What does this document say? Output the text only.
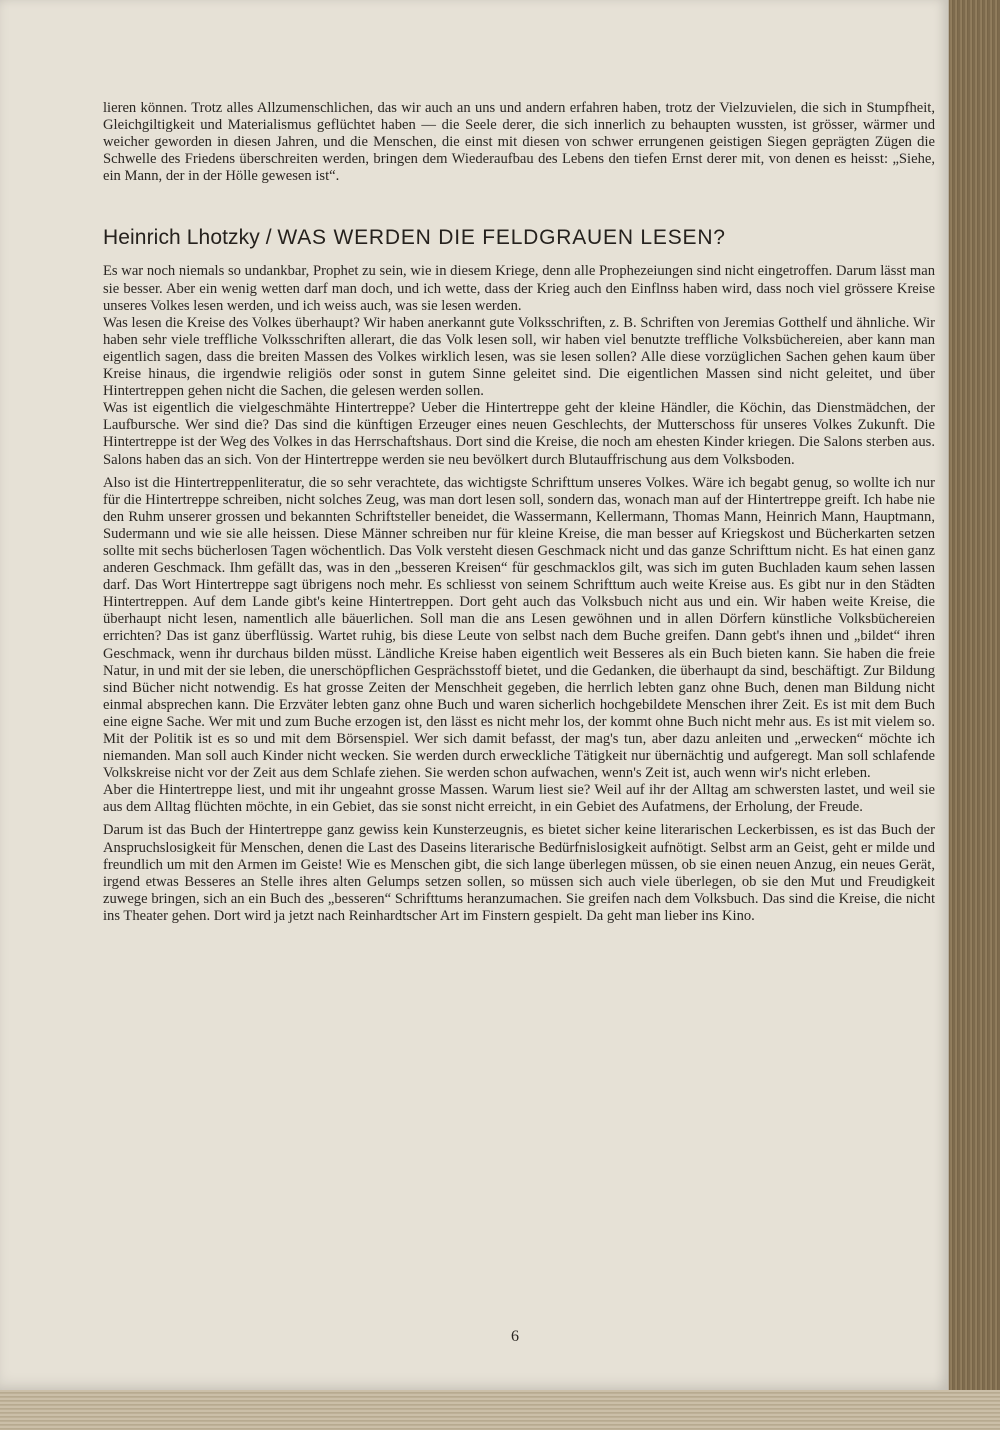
lieren können. Trotz alles Allzumenschlichen, das wir auch an uns und andern erfahren haben, trotz der Vielzuvielen, die sich in Stumpfheit, Gleichgiltigkeit und Materialismus geflüchtet haben — die Seele derer, die sich innerlich zu behaupten wussten, ist grösser, wärmer und weicher geworden in diesen Jahren, und die Menschen, die einst mit diesen von schwer errungenen geistigen Siegen geprägten Zügen die Schwelle des Friedens überschreiten werden, bringen dem Wiederaufbau des Lebens den tiefen Ernst derer mit, von denen es heisst: „Siehe, ein Mann, der in der Hölle gewesen ist“.

Heinrich Lhotzky / WAS WERDEN DIE FELDGRAUEN LESEN?

Es war noch niemals so undankbar, Prophet zu sein, wie in diesem Kriege, denn alle Prophezeiungen sind nicht eingetroffen. Darum lässt man sie besser. Aber ein wenig wetten darf man doch, und ich wette, dass der Krieg auch den Einflnss haben wird, dass noch viel grössere Kreise unseres Volkes lesen werden, und ich weiss auch, was sie lesen werden.

Was lesen die Kreise des Volkes überhaupt? Wir haben anerkannt gute Volksschriften, z. B. Schriften von Jeremias Gotthelf und ähnliche. Wir haben sehr viele treffliche Volksschriften allerart, die das Volk lesen soll, wir haben viel benutzte treffliche Volksbüchereien, aber kann man eigentlich sagen, dass die breiten Massen des Volkes wirklich lesen, was sie lesen sollen? Alle diese vorzüglichen Sachen gehen kaum über Kreise hinaus, die irgendwie religiös oder sonst in gutem Sinne geleitet sind. Die eigentlichen Massen sind nicht geleitet, und über Hintertreppen gehen nicht die Sachen, die gelesen werden sollen.

Was ist eigentlich die vielgeschmähte Hintertreppe? Ueber die Hintertreppe geht der kleine Händler, die Köchin, das Dienstmädchen, der Laufbursche. Wer sind die? Das sind die künftigen Erzeuger eines neuen Geschlechts, der Mutterschoss für unseres Volkes Zukunft. Die Hintertreppe ist der Weg des Volkes in das Herrschaftshaus. Dort sind die Kreise, die noch am ehesten Kinder kriegen. Die Salons sterben aus. Salons haben das an sich. Von der Hintertreppe werden sie neu bevölkert durch Blutauffrischung aus dem Volksboden.

Also ist die Hintertreppenliteratur, die so sehr verachtete, das wichtigste Schrifttum unseres Volkes. Wäre ich begabt genug, so wollte ich nur für die Hintertreppe schreiben, nicht solches Zeug, was man dort lesen soll, sondern das, wonach man auf der Hintertreppe greift. Ich habe nie den Ruhm unserer grossen und bekannten Schriftsteller beneidet, die Wassermann, Kellermann, Thomas Mann, Heinrich Mann, Hauptmann, Sudermann und wie sie alle heissen. Diese Männer schreiben nur für kleine Kreise, die man besser auf Kriegskost und Bücherkarten setzen sollte mit sechs bücherlosen Tagen wöchentlich. Das Volk versteht diesen Geschmack nicht und das ganze Schrifttum nicht. Es hat einen ganz anderen Geschmack. Ihm gefällt das, was in den „besseren Kreisen“ für geschmacklos gilt, was sich im guten Buchladen kaum sehen lassen darf. Das Wort Hintertreppe sagt übrigens noch mehr. Es schliesst von seinem Schrifttum auch weite Kreise aus. Es gibt nur in den Städten Hintertreppen. Auf dem Lande gibt's keine Hintertreppen. Dort geht auch das Volksbuch nicht aus und ein. Wir haben weite Kreise, die überhaupt nicht lesen, namentlich alle bäuerlichen. Soll man die ans Lesen gewöhnen und in allen Dörfern künstliche Volksbüchereien errichten? Das ist ganz überflüssig. Wartet ruhig, bis diese Leute von selbst nach dem Buche greifen. Dann gebt's ihnen und „bildet“ ihren Geschmack, wenn ihr durchaus bilden müsst. Ländliche Kreise haben eigentlich weit Besseres als ein Buch bieten kann. Sie haben die freie Natur, in und mit der sie leben, die unerschöpflichen Gesprächsstoff bietet, und die Gedanken, die überhaupt da sind, beschäftigt. Zur Bildung sind Bücher nicht notwendig. Es hat grosse Zeiten der Menschheit gegeben, die herrlich lebten ganz ohne Buch, denen man Bildung nicht einmal absprechen kann. Die Erzväter lebten ganz ohne Buch und waren sicherlich hochgebildete Menschen ihrer Zeit. Es ist mit dem Buch eine eigne Sache. Wer mit und zum Buche erzogen ist, den lässt es nicht mehr los, der kommt ohne Buch nicht mehr aus. Es ist mit vielem so. Mit der Politik ist es so und mit dem Börsenspiel. Wer sich damit befasst, der mag's tun, aber dazu anleiten und „erwecken“ möchte ich niemanden. Man soll auch Kinder nicht wecken. Sie werden durch erweckliche Tätigkeit nur übernächtig und aufgeregt. Man soll schlafende Volkskreise nicht vor der Zeit aus dem Schlafe ziehen. Sie werden schon aufwachen, wenn's Zeit ist, auch wenn wir's nicht erleben.

Aber die Hintertreppe liest, und mit ihr ungeahnt grosse Massen. Warum liest sie? Weil auf ihr der Alltag am schwersten lastet, und weil sie aus dem Alltag flüchten möchte, in ein Gebiet, das sie sonst nicht erreicht, in ein Gebiet des Aufatmens, der Erholung, der Freude.

Darum ist das Buch der Hintertreppe ganz gewiss kein Kunsterzeugnis, es bietet sicher keine literarischen Leckerbissen, es ist das Buch der Anspruchslosigkeit für Menschen, denen die Last des Daseins literarische Bedürfnislosigkeit aufnötigt. Selbst arm an Geist, geht er milde und freundlich um mit den Armen im Geiste! Wie es Menschen gibt, die sich lange überlegen müssen, ob sie einen neuen Anzug, ein neues Gerät, irgend etwas Besseres an Stelle ihres alten Gelumps setzen sollen, so müssen sich auch viele überlegen, ob sie den Mut und Freudigkeit zuwege bringen, sich an ein Buch des „besseren“ Schrifttums heranzumachen. Sie greifen nach dem Volksbuch. Das sind die Kreise, die nicht ins Theater gehen. Dort wird ja jetzt nach Reinhardtscher Art im Finstern gespielt. Da geht man lieber ins Kino.

6
